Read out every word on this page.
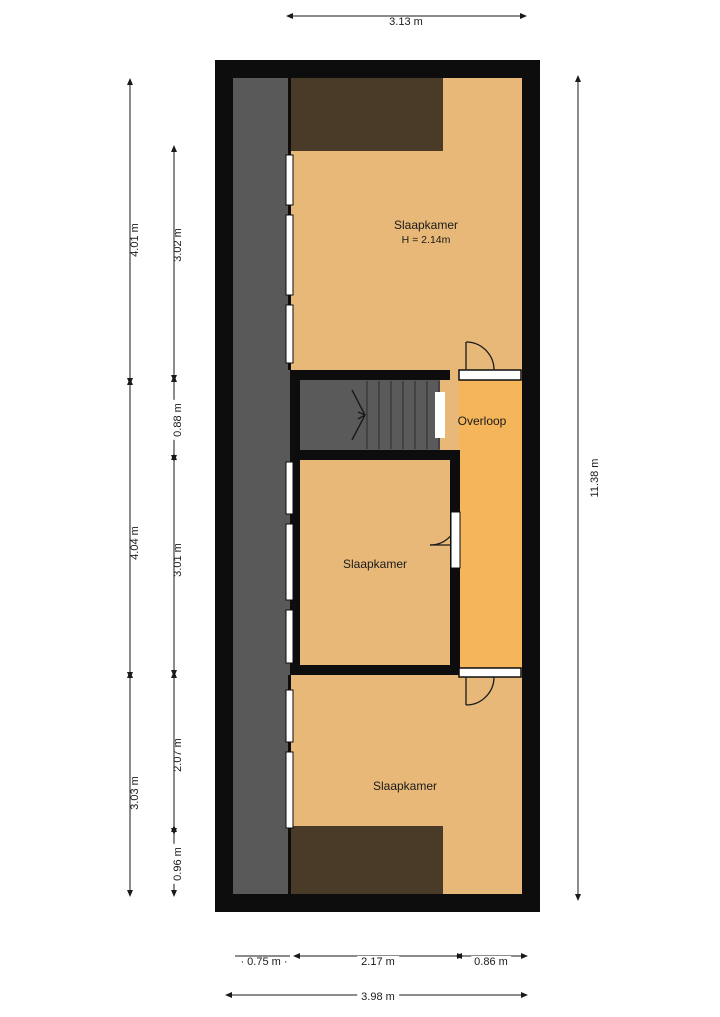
Slaapkamer
H = 2.14m
Overloop
Slaapkamer
Slaapkamer
3.13 m
· 0.75 m ·	2.17 m	0.86 m
3.98 m
4.01 m
4.04 m
3.03 m
3.02 m
0.88 m
3.01 m
2.07 m
0.96 m
11.38 m
